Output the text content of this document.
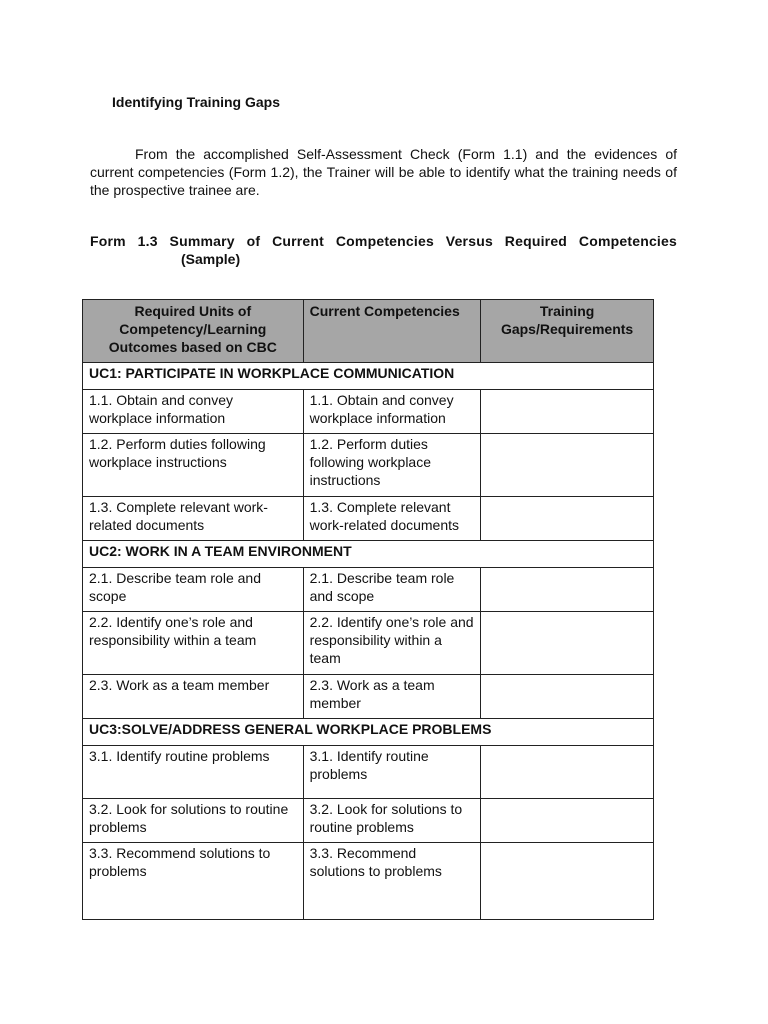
Identifying Training Gaps

From the accomplished Self-Assessment Check (Form 1.1) and the evidences of current competencies (Form 1.2), the Trainer will be able to identify what the training needs of the prospective trainee are.

Form 1.3 Summary of Current Competencies Versus Required Competencies

(Sample)

Required Units of Competency/Learning Outcomes based on CBC	Current Competencies	Training Gaps/Requirements
UC1: PARTICIPATE IN WORKPLACE COMMUNICATION		
1.1. Obtain and convey workplace information	1.1. Obtain and convey workplace information	
1.2. Perform duties following workplace instructions	1.2. Perform duties following workplace instructions	
1.3. Complete relevant work-related documents	1.3. Complete relevant work-related documents	
UC2: WORK IN A TEAM ENVIRONMENT		
2.1. Describe team role and scope	2.1. Describe team role and scope	
2.2. Identify one’s role and responsibility within a team	2.2. Identify one’s role and responsibility within a team	
2.3. Work as a team member	2.3. Work as a team member	
UC3:SOLVE/ADDRESS GENERAL WORKPLACE PROBLEMS		
3.1. Identify routine problems	3.1. Identify routine problems	
3.2. Look for solutions to routine problems	3.2. Look for solutions to routine problems	
3.3. Recommend solutions to problems	3.3. Recommend solutions to problems	
